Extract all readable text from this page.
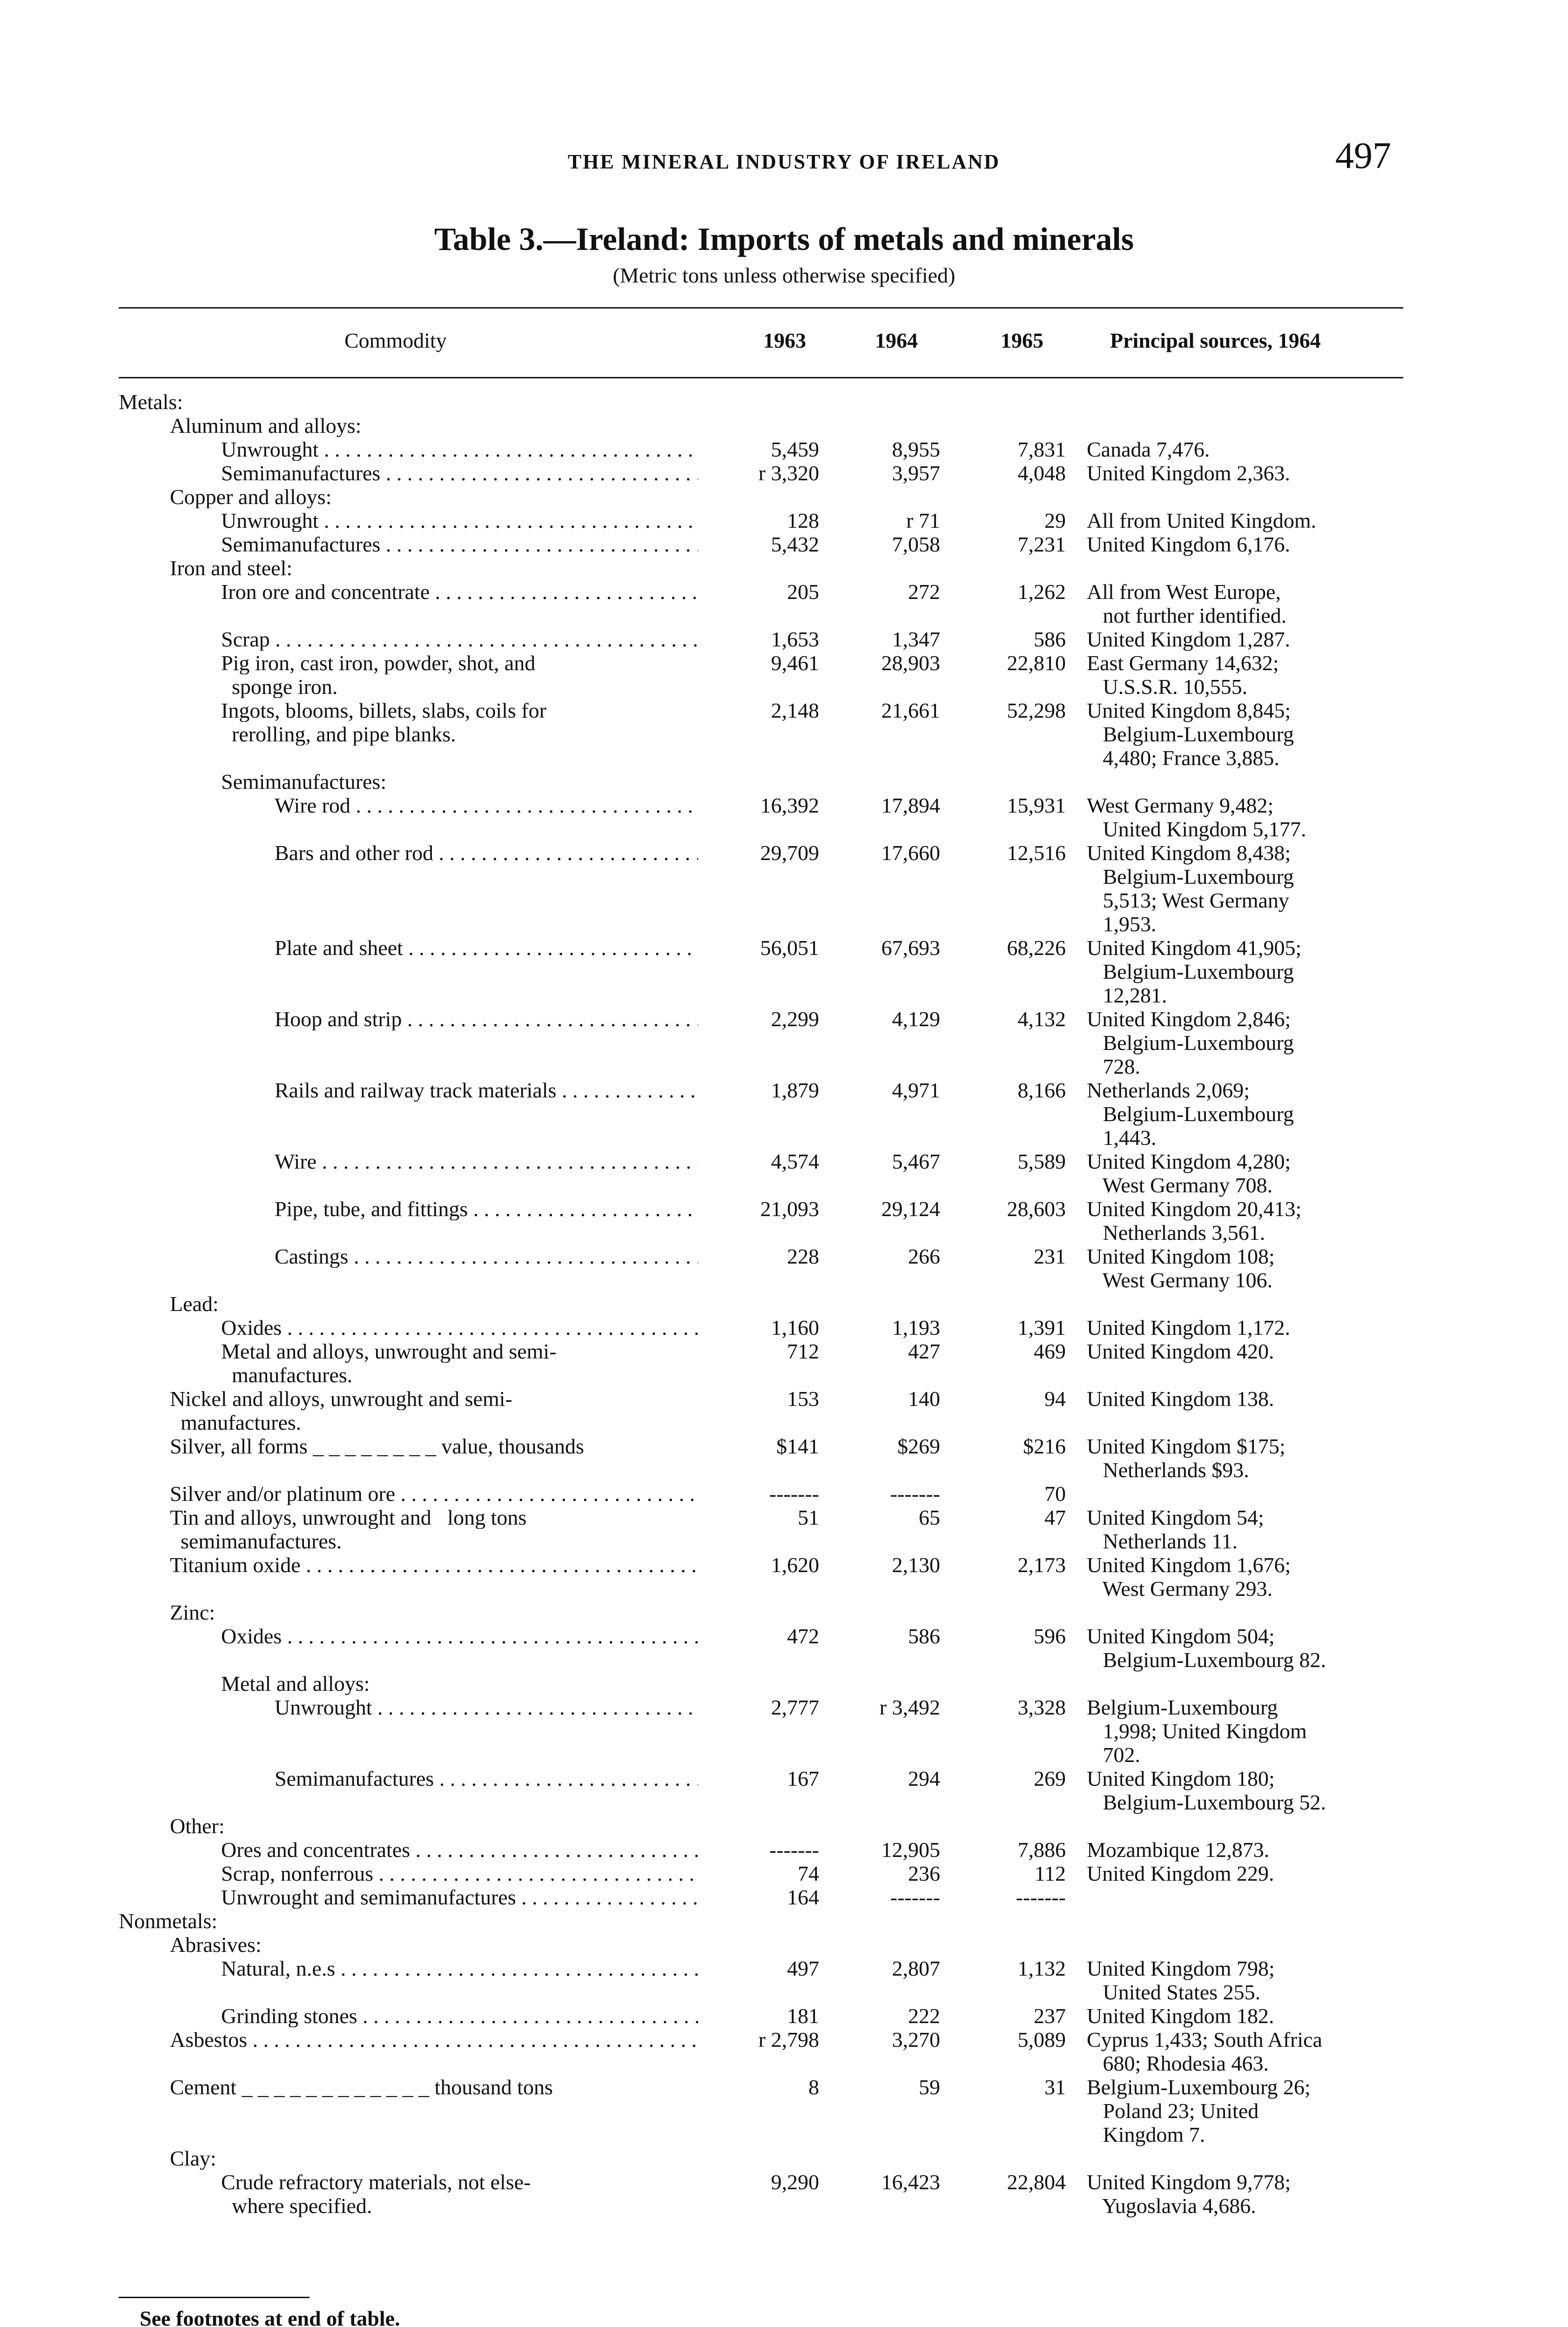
THE MINERAL INDUSTRY OF IRELAND	497
Table 3.—Ireland: Imports of metals and minerals
(Metric tons unless otherwise specified)
Commodity	1963	1964	1965	Principal sources, 1964
Metals:
Aluminum and alloys:
Unwrought . . .	5,459	8,955	7,831 Canada 7,476.
Semimanufactures . . .	r 3,320	3,957	4,048 United Kingdom 2,363.
Copper and alloys:
Unwrought . . .	128	r 71	29 All from United Kingdom.
Semimanufactures . . .	5,432	7,058	7,231 United Kingdom 6,176.
Iron and steel:
Iron ore and concentrate . . .	205	272	1,262 All from West Europe,
not further identified.
Scrap . . .	1,653	1,347	586 United Kingdom 1,287.
Pig iron, cast iron, powder, shot, and	9,461	28,903	22,810 East Germany 14,632;
sponge iron.	U.S.S.R. 10,555.
Ingots, blooms, billets, slabs, coils for	2,148	21,661	52,298 United Kingdom 8,845;
rerolling, and pipe blanks.	Belgium-Luxembourg
4,480; France 3,885.
Semimanufactures:
Wire rod . . .	16,392	17,894	15,931 West Germany 9,482;
United Kingdom 5,177.
Bars and other rod . . .	29,709	17,660	12,516 United Kingdom 8,438;
Belgium-Luxembourg
5,513; West Germany
1,953.
Plate and sheet . . .	56,051	67,693	68,226 United Kingdom 41,905;
Belgium-Luxembourg
12,281.
Hoop and strip . . .	2,299	4,129	4,132 United Kingdom 2,846;
Belgium-Luxembourg
728.
Rails and railway track materials . . .	1,879	4,971	8,166 Netherlands 2,069;
Belgium-Luxembourg
1,443.
Wire . . .	4,574	5,467	5,589 United Kingdom 4,280;
West Germany 708.
Pipe, tube, and fittings . . .	21,093	29,124	28,603 United Kingdom 20,413;
Netherlands 3,561.
Castings . . .	228	266	231 United Kingdom 108;
West Germany 106.
Lead:
Oxides . . .	1,160	1,193	1,391 United Kingdom 1,172.
Metal and alloys, unwrought and semi-	712	427	469 United Kingdom 420.
manufactures.
Nickel and alloys, unwrought and semi-	153	140	94 United Kingdom 138.
manufactures.
Silver, all forms _ _ _ _ _ _ _ _ value, thousands	$141	$269	$216 United Kingdom $175;
Netherlands $93.
Silver and/or platinum ore . . .	-------	-------	70
Tin and alloys, unwrought and   long tons	51	65	47 United Kingdom 54;
semimanufactures.	Netherlands 11.
Titanium oxide . . .	1,620	2,130	2,173 United Kingdom 1,676;
West Germany 293.
Zinc:
Oxides . . .	472	586	596 United Kingdom 504;
Belgium-Luxembourg 82.
Metal and alloys:
Unwrought . . .	2,777	r 3,492	3,328 Belgium-Luxembourg
1,998; United Kingdom
702.
Semimanufactures . . .	167	294	269 United Kingdom 180;
Belgium-Luxembourg 52.
Other:
Ores and concentrates . . .	-------	12,905	7,886 Mozambique 12,873.
Scrap, nonferrous . . .	74	236	112 United Kingdom 229.
Unwrought and semimanufactures . . .	164	-------	-------
Nonmetals:
Abrasives:
Natural, n.e.s . . .	497	2,807	1,132 United Kingdom 798;
United States 255.
Grinding stones . . .	181	222	237 United Kingdom 182.
Asbestos . . .	r 2,798	3,270	5,089 Cyprus 1,433; South Africa
680; Rhodesia 463.
Cement _ _ _ _ _ _ _ _ _ _ _ _ thousand tons	8	59	31 Belgium-Luxembourg 26;
Poland 23; United
Kingdom 7.
Clay:
Crude refractory materials, not else-	9,290	16,423	22,804 United Kingdom 9,778;
where specified.	Yugoslavia 4,686.
See footnotes at end of table.
